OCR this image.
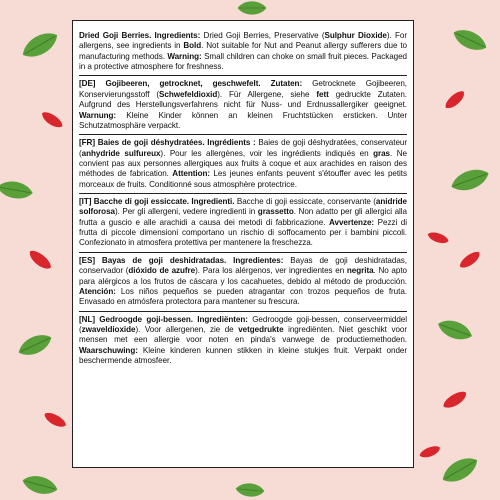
Dried Goji Berries. Ingredients: Dried Goji Berries, Preservative (Sulphur Dioxide). For allergens, see ingredients in Bold. Not suitable for Nut and Peanut allergy sufferers due to manufacturing methods. Warning: Small children can choke on small fruit pieces. Packaged in a protective atmosphere for freshness.
[DE] Gojibeeren, getrocknet, geschwefelt. Zutaten: Getrocknete Gojibeeren, Konservierungsstoff (Schwefeldioxid). Für Allergene, siehe fett gedruckte Zutaten. Aufgrund des Herstellungsverfahrens nicht für Nuss- und Erdnussallergiker geeignet. Warnung: Kleine Kinder können an kleinen Fruchtstücken ersticken. Unter Schutzatmosphäre verpackt.
[FR] Baies de goji déshydratées. Ingrédients : Baies de goji déshydratées, conservateur (anhydride sulfureux). Pour les allergènes, voir les ingrédients indiqués en gras. Ne convient pas aux personnes allergiques aux fruits à coque et aux arachides en raison des méthodes de fabrication. Attention: Les jeunes enfants peuvent s'étouffer avec les petits morceaux de fruits. Conditionné sous atmosphère protectrice.
[IT] Bacche di goji essiccate. Ingredienti. Bacche di goji essiccate, conservante (anidride solforosa). Per gli allergeni, vedere ingredienti in grassetto. Non adatto per gli allergici alla frutta a guscio e alle arachidi a causa dei metodi di fabbricazione. Avvertenze: Pezzi di frutta di piccole dimensioni comportano un rischio di soffocamento per i bambini piccoli. Confezionato in atmosfera protettiva per mantenere la freschezza.
[ES] Bayas de goji deshidratadas. Ingredientes: Bayas de goji deshidratadas, conservador (dióxido de azufre). Para los alérgenos, ver ingredientes en negrita. No apto para alérgicos a los frutos de cáscara y los cacahuetes, debido al método de producción. Atención: Los niños pequeños se pueden atragantar con trozos pequeños de fruta. Envasado en atmósfera protectora para mantener su frescura.
[NL] Gedroogde goji-bessen. Ingrediënten: Gedroogde goji-bessen, conserveermiddel (zwaveldioxide). Voor allergenen, zie de vetgedrukte ingrediënten. Niet geschikt voor mensen met een allergie voor noten en pinda's vanwege de productiemethoden. Waarschuwing: Kleine kinderen kunnen stikken in kleine stukjes fruit. Verpakt onder beschermende atmosfeer.
